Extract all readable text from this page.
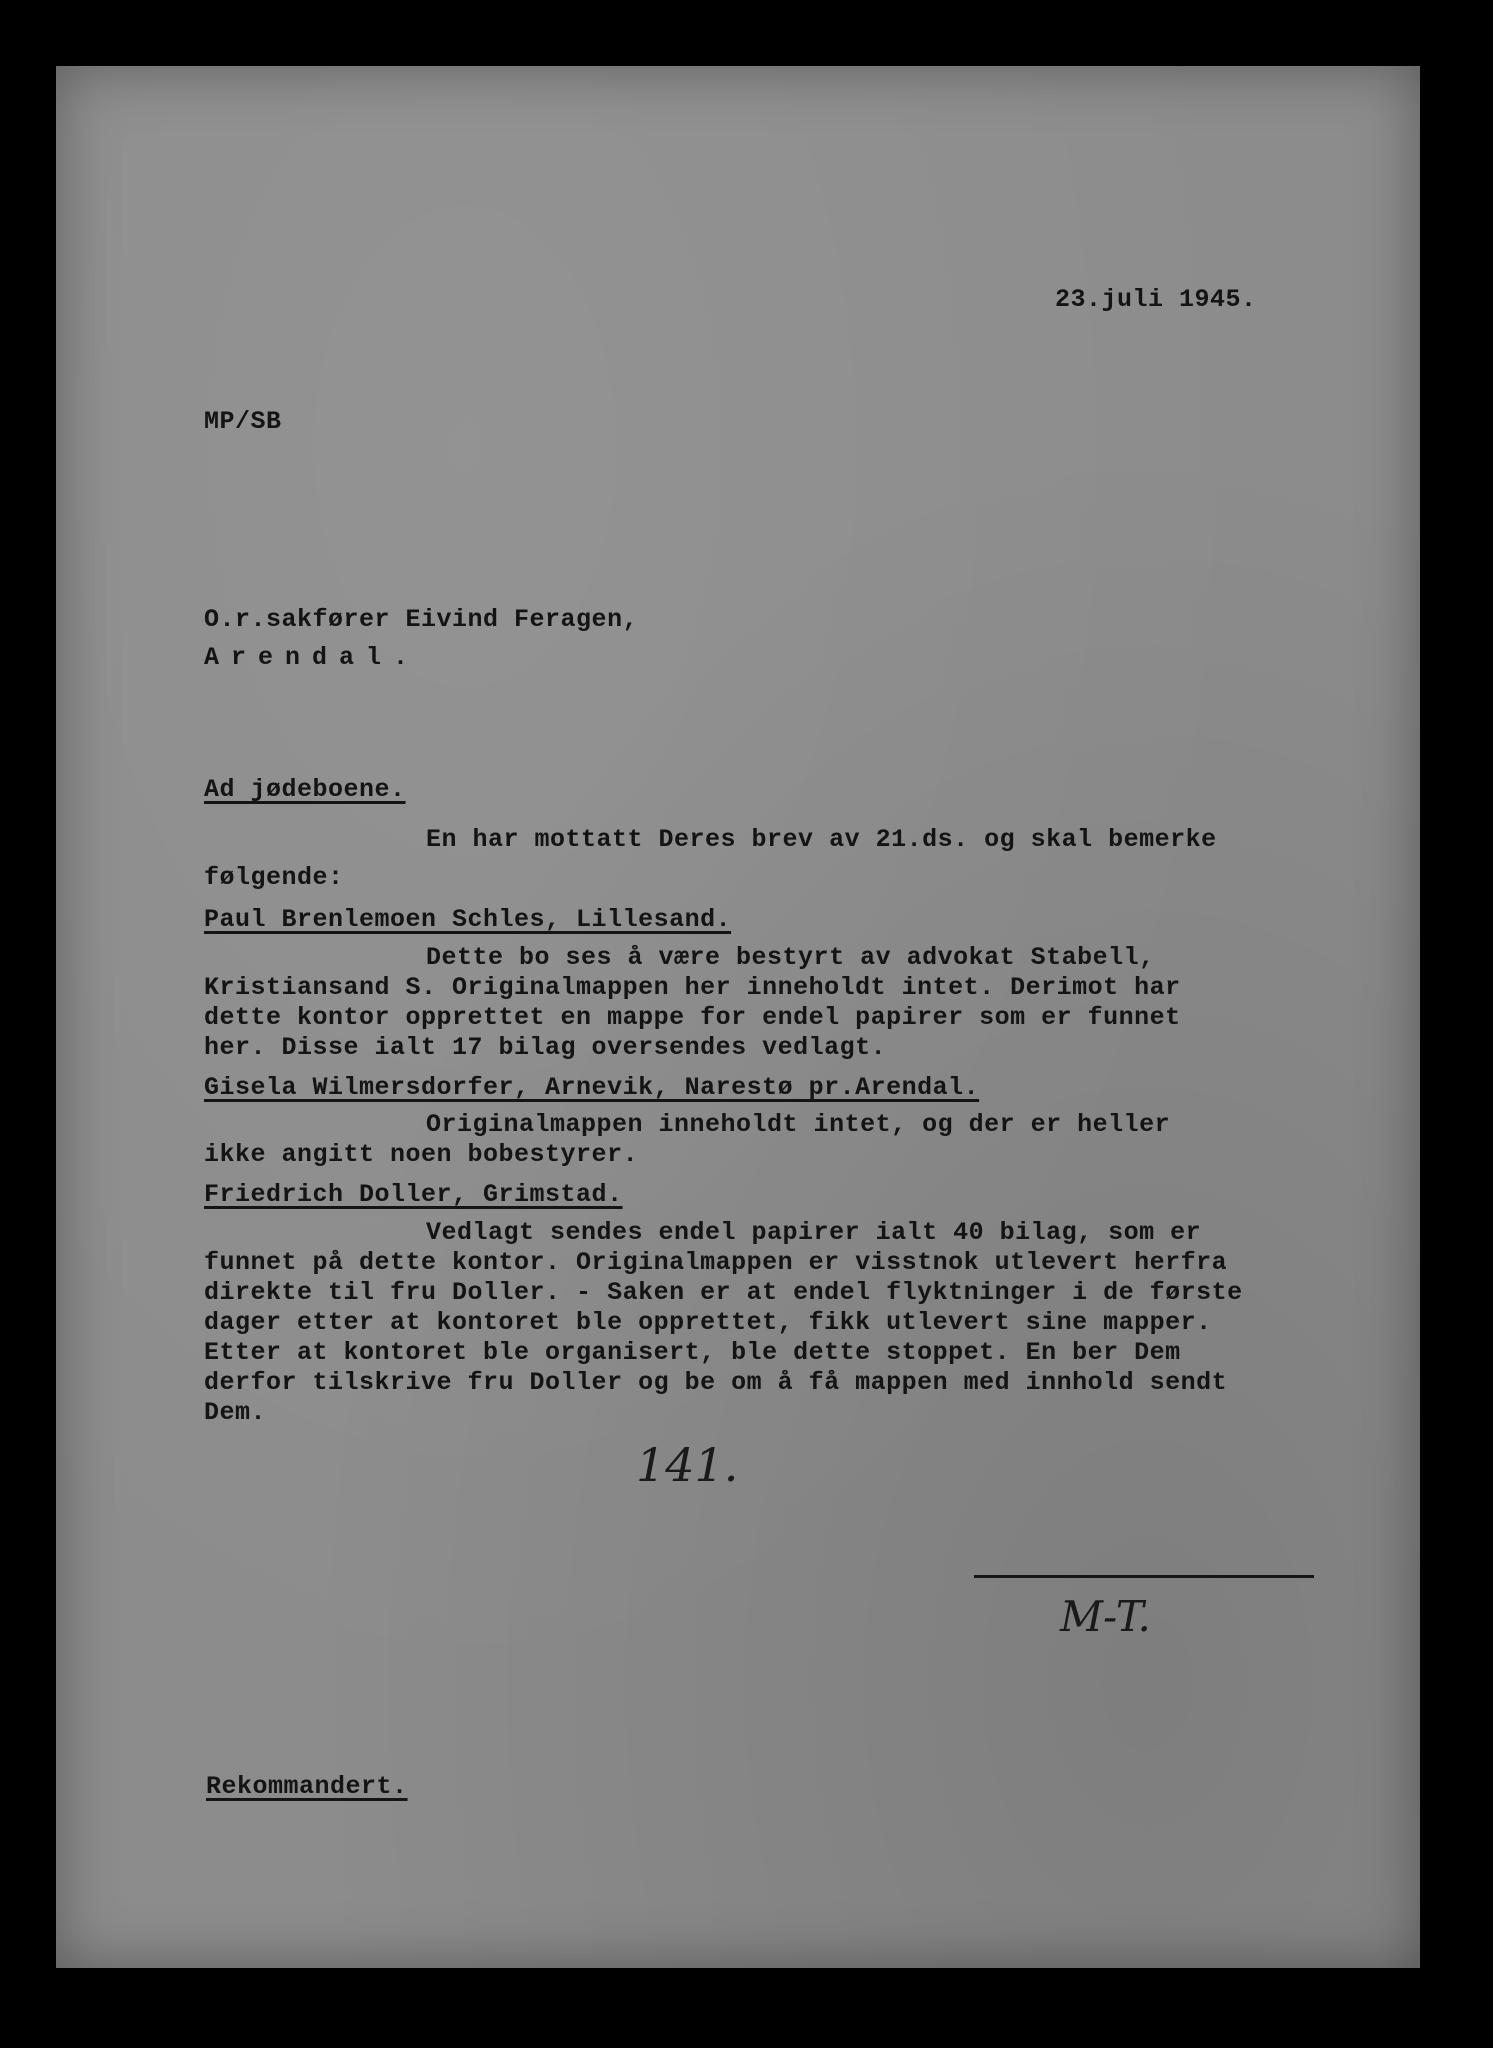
23.juli 1945.
MP/SB
O.r.sakfører Eivind Feragen,
Arendal.
Ad jødeboene.
En har mottatt Deres brev av 21.ds. og skal bemerke
følgende:
Paul Brenlemoen Schles, Lillesand.
Dette bo ses å være bestyrt av advokat Stabell,
Kristiansand S. Originalmappen her inneholdt intet. Derimot har
dette kontor opprettet en mappe for endel papirer som er funnet
her. Disse ialt 17 bilag oversendes vedlagt.
Gisela Wilmersdorfer, Arnevik, Narestø pr.Arendal.
Originalmappen inneholdt intet, og der er heller
ikke angitt noen bobestyrer.
Friedrich Doller, Grimstad.
Vedlagt sendes endel papirer ialt 40 bilag, som er
funnet på dette kontor. Originalmappen er visstnok utlevert herfra
direkte til fru Doller. - Saken er at endel flyktninger i de første
dager etter at kontoret ble opprettet, fikk utlevert sine mapper.
Etter at kontoret ble organisert, ble dette stoppet. En ber Dem
derfor tilskrive fru Doller og be om å få mappen med innhold sendt
Dem.
141.
M-T.
Rekommandert.
